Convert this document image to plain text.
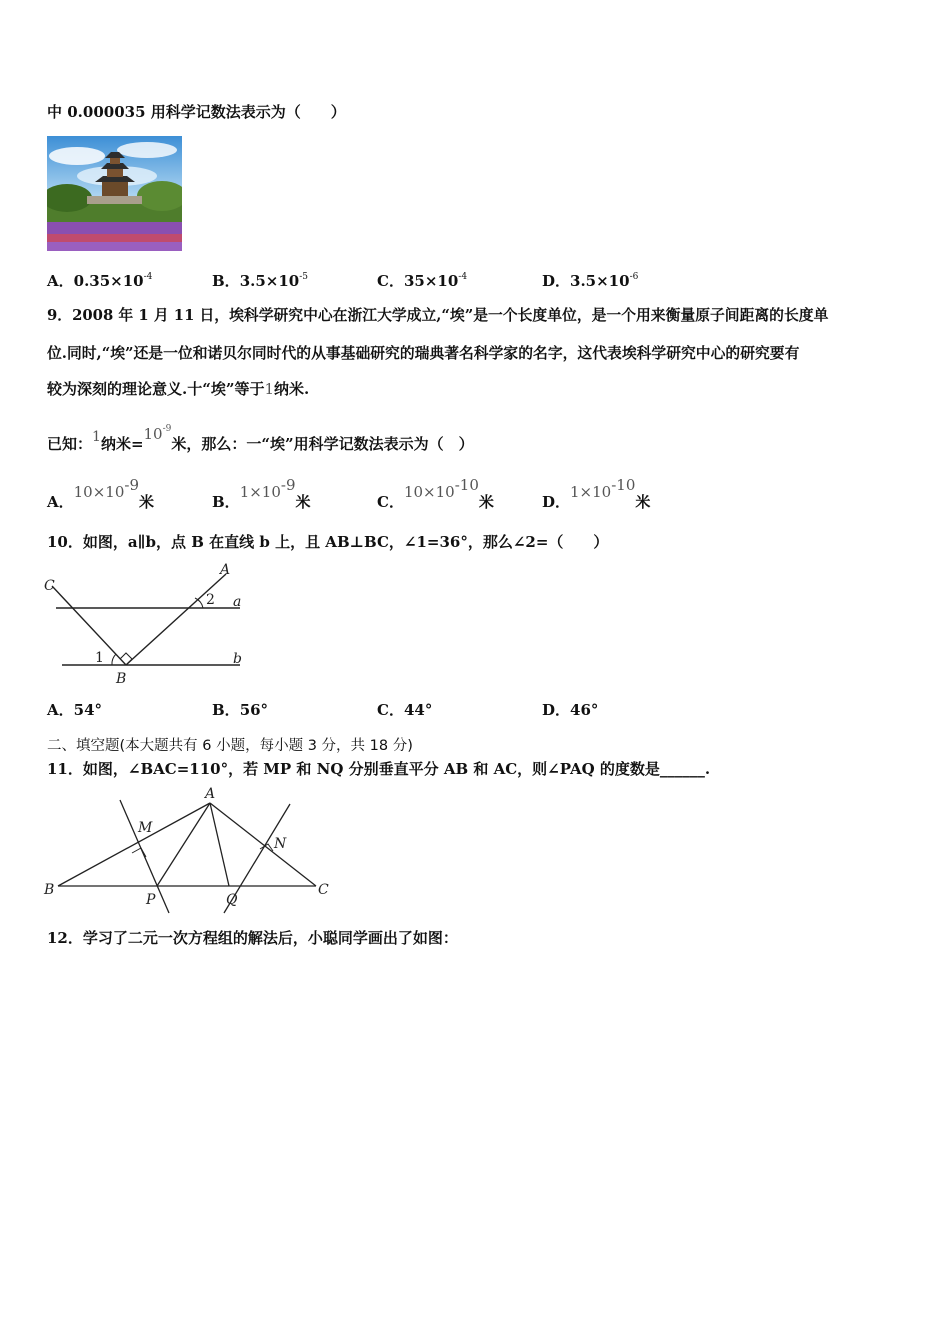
中 0.000035 用科学记数法表示为（　　）
A．$0.35\times 10^{-4}$	B．$3.5\times 10^{-5}$	C．$35\times 10^{-4}$	D．$3.5\times 10^{-6}$
9．2008 年 1 月 11 日，埃科学研究中心在浙江大学成立,“埃”是一个长度单位，是一个用来衡量原子间距离的长度单
位.同时,“埃”还是一位和诺贝尔同时代的从事基础研究的瑞典著名科学家的名字，这代表埃科学研究中心的研究要有
较为深刻的理论意义.十“埃”等于1纳米.
已知：$^1$纳米$=10^{-9}$米，那么：一“埃”用科学记数法表示为（　）
A．$10\times 10^{-9}$米	B．$1\times 10^{-9}$米	C．$10\times 10^{-10}$米	D．$1\times 10^{-10}$米
10．如图，a∥b，点 B 在直线 b 上，且 AB⊥BC，∠1=36°，那么∠2=（　　）
C
A
a
b
B
1
2
A．54°	B．56°	C．44°	D．46°
二、填空题(本大题共有 6 小题，每小题 3 分，共 18 分)
11．如图，∠BAC=110°，若 MP 和 NQ 分别垂直平分 AB 和 AC，则∠PAQ 的度数是______.
A
B	C
M
N
P	Q
12．学习了二元一次方程组的解法后，小聪同学画出了如图：
